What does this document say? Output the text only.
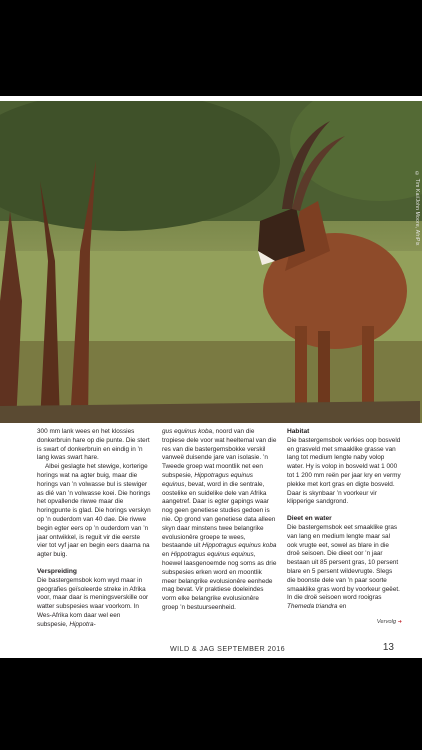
© Tim Kai/John Moore, AfriPix

300 mm lank wees en het klossies donkerbruin hare op die punte. Die stert is swart of donkerbruin en eindig in ’n lang kwas swart hare.

Albei geslagte het stewige, korterige horings wat na agter buig, maar die horings van ’n volwasse bul is stewiger as dié van ’n volwasse koei. Die horings het opvallende riwwe maar die horingpunte is glad. Die horings verskyn op ’n ouderdom van 40 dae. Die riwwe begin egter eers op ’n ouderdom van ’n jaar ontwikkel, is reguit vir die eerste vier tot vyf jaar en begin eers daarna na agter buig.

Verspreiding

Die bastergemsbok kom wyd maar in geografies geïsoleerde streke in Afrika voor, maar daar is meningsverskille oor watter subspesies waar voorkom. In Wes-Afrika kom daar wel een subspesie, Hippotra-

gus equinus koba, noord van die tropiese dele voor wat heeltemal van die res van die bastergemsbokke verskil vanweë duisende jare van isolasie. ’n Tweede groep wat moontlik net een subspesie, Hippotragus equinus equinus, bevat, word in die sentrale, oostelike en suidelike dele van Afrika aangetref. Daar is egter gapings waar nog geen genetiese studies gedoen is nie. Op grond van genetiese data alleen skyn daar minstens twee belangrike evolusionêre groepe te wees, bestaande uit Hippotragus equinus koba en Hippotragus equinus equinus, hoewel laasgenoemde nog soms as drie subspesies erken word en moontlik meer belangrike evolusionêre eenhede mag bevat. Vir praktiese doeleindes vorm elke belangrike evolusionêre groep ’n bestuurseenheid.

Habitat

Die bastergemsbok verkies oop bosveld en grasveld met smaaklike grasse van lang tot medium lengte naby volop water. Hy is volop in bosveld wat 1 000 tot 1 200 mm reën per jaar kry en vermy plekke met kort gras en digte bosveld. Daar is skynbaar ’n voorkeur vir klipperige sandgrond.

Dieet en water

Die bastergemsbok eet smaaklike gras van lang en medium lengte maar sal ook vrugte eet, sowel as blare in die droë seisoen. Die dieet oor ’n jaar bestaan uit 85 persent gras, 10 persent blare en 5 persent wildevrugte. Slegs die boonste dele van ’n paar soorte smaaklike gras word by voorkeur geëet. In die droë seisoen word rooigras Themeda triandra en

Vervolg ➜
WILD & JAG SEPTEMBER 2016	13
